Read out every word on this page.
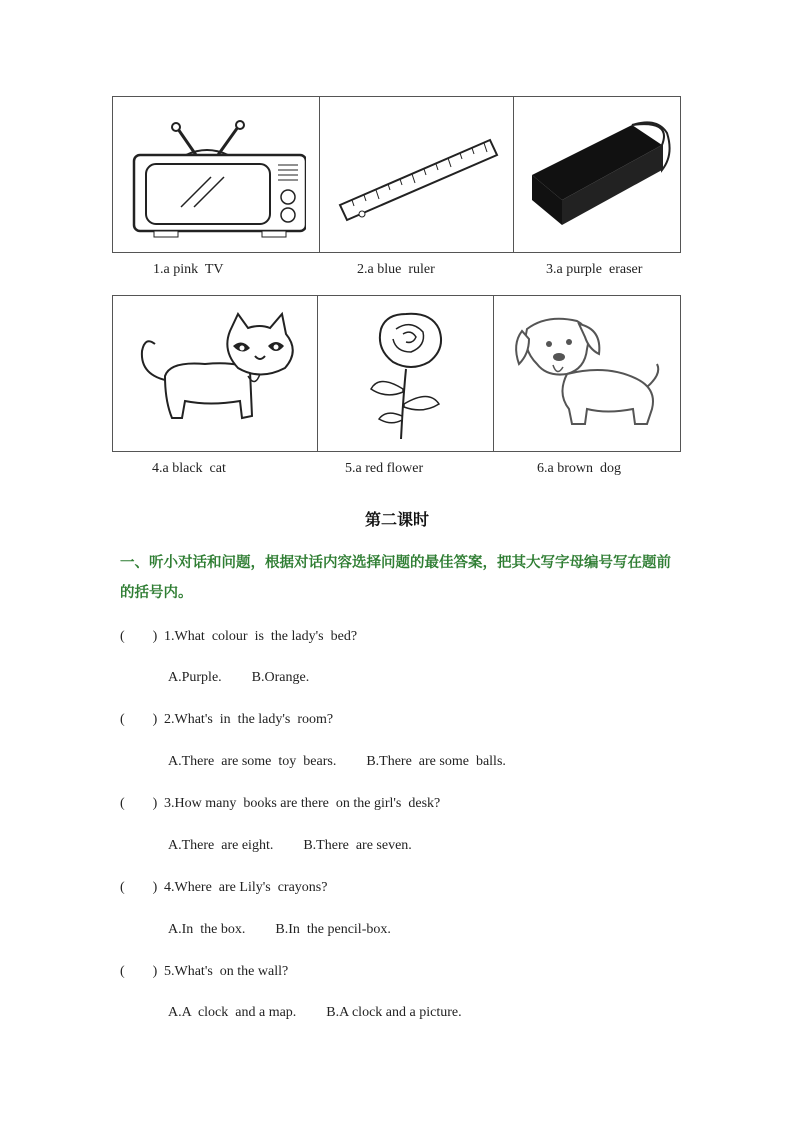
1.a pink  TV	2.a blue  ruler	3.a purple  eraser

4.a black  cat	5.a red flower	6.a brown  dog
第二课时
一、听小对话和问题，根据对话内容选择问题的最佳答案，把其大写字母编号写在题前的括号内。
(        ) 1.What  colour  is  the lady's  bed?
A.Purple. B.Orange.
(        ) 2.What's  in  the lady's  room?
A.There  are some  toy  bears. B.There  are some  balls.
(        ) 3.How many  books are there  on the girl's  desk?
A.There  are eight. B.There  are seven.
(        ) 4.Where  are Lily's  crayons?
A.In  the box. B.In  the pencil-box.
(        ) 5.What's  on the wall?
A.A  clock  and a map. B.A clock and a picture.
